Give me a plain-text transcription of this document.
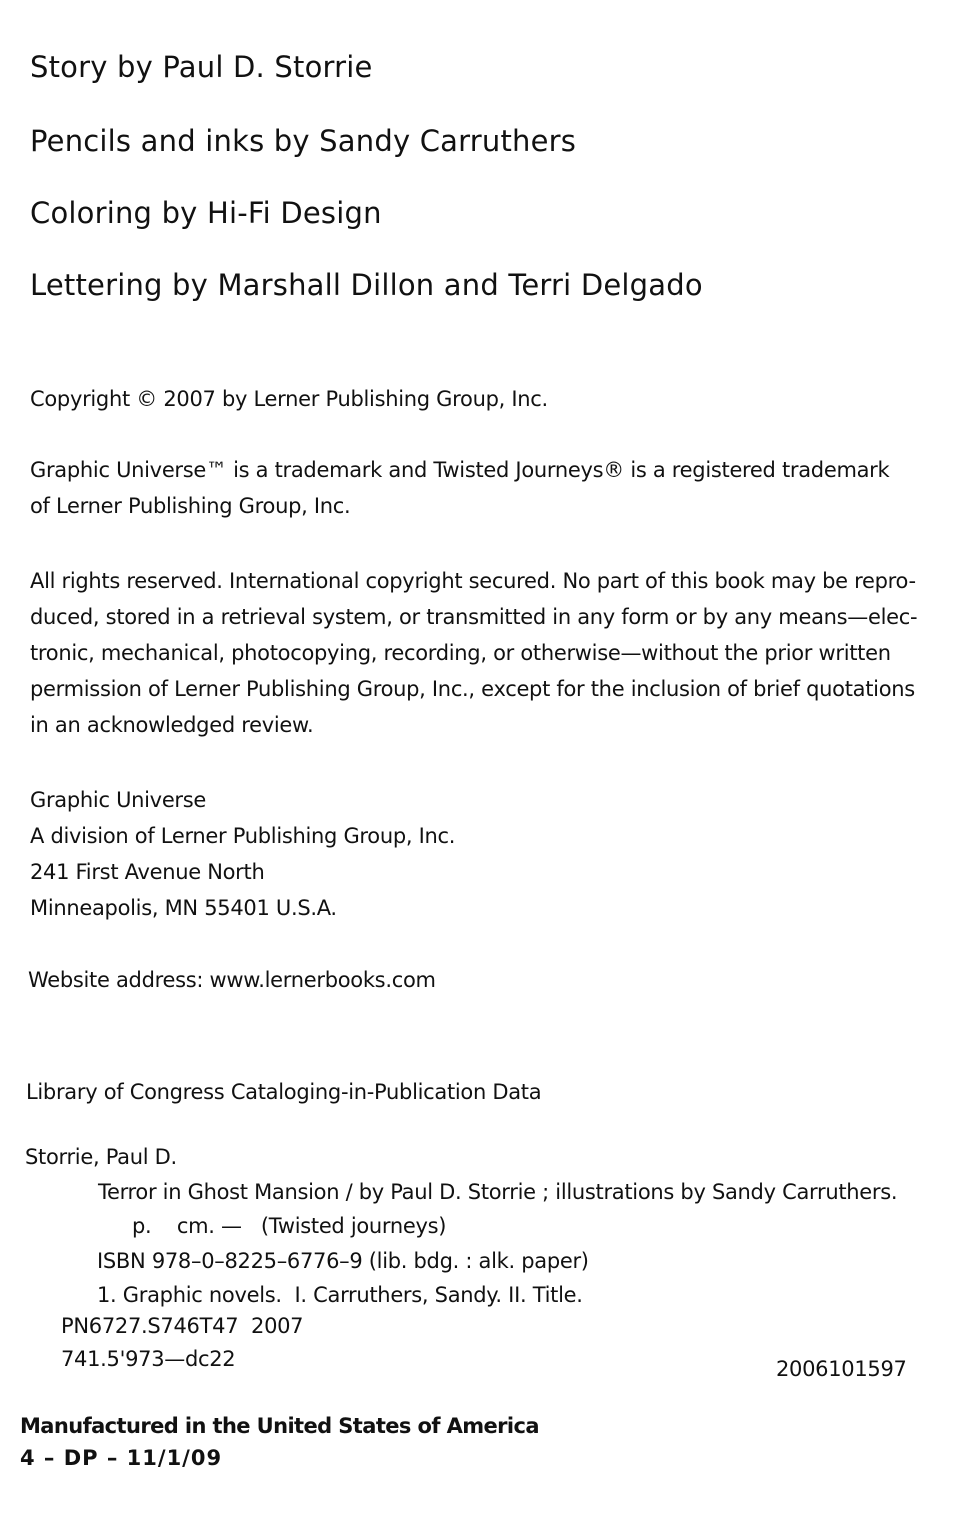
Story by Paul D. Storrie
Pencils and inks by Sandy Carruthers
Coloring by Hi-Fi Design
Lettering by Marshall Dillon and Terri Delgado
Copyright © 2007 by Lerner Publishing Group, Inc.
Graphic Universe™ is a trademark and Twisted Journeys® is a registered trademark
of Lerner Publishing Group, Inc.
All rights reserved. International copyright secured. No part of this book may be repro-
duced, stored in a retrieval system, or transmitted in any form or by any means—elec-
tronic, mechanical, photocopying, recording, or otherwise—without the prior written
permission of Lerner Publishing Group, Inc., except for the inclusion of brief quotations
in an acknowledged review.
Graphic Universe
A division of Lerner Publishing Group, Inc.
241 First Avenue North
Minneapolis, MN 55401 U.S.A.
Website address: www.lernerbooks.com
Library of Congress Cataloging-in-Publication Data
Storrie, Paul D.
Terror in Ghost Mansion / by Paul D. Storrie ; illustrations by Sandy Carruthers.
p.    cm. —   (Twisted journeys)
ISBN 978–0–8225–6776–9 (lib. bdg. : alk. paper)
1. Graphic novels.  I. Carruthers, Sandy. II. Title.
PN6727.S746T47  2007
741.5'973—dc22	2006101597
Manufactured in the United States of America
4 – DP – 11/1/09
